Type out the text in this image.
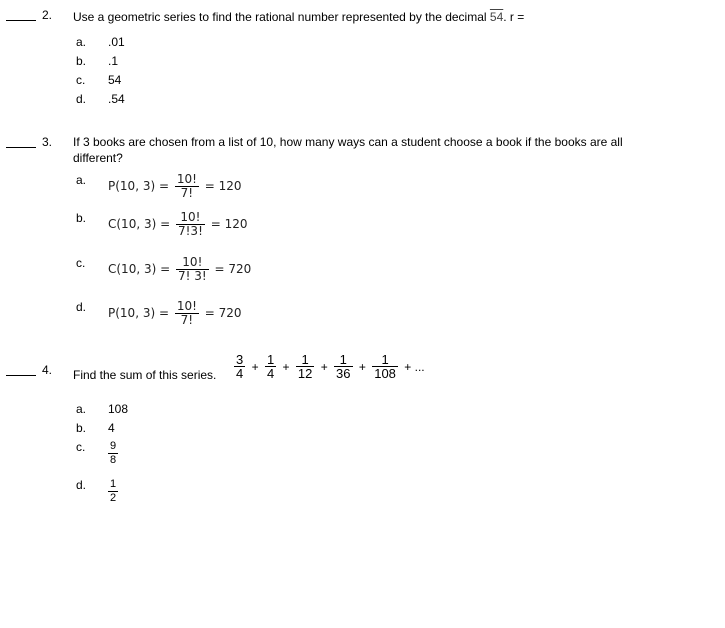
2. Use a geometric series to find the rational number represented by the decimal 54. r =
a. .01
b. .1
c. 54
d. .54
3. If 3 books are chosen from a list of 10, how many ways can a student choose a book if the books are all
different?
a. P(10, $3) = \frac{10!}{7!} = 120$
b. C(10, $3) = \frac{10!}{7!3!} = 120$
c. C(10, $3) = \frac{10!}{7! 3!} = 720$
d. P(10, $3) = \frac{10!}{7!} = 720$
4. Find the sum of this series. $\frac{3}{4} + \frac{1}{4} + \frac{1}{12} + \frac{1}{36} + \frac{1}{108}$ + ...
a. 108
b. 4
c. $\frac{9}{8}$
d. $\frac{1}{2}$
